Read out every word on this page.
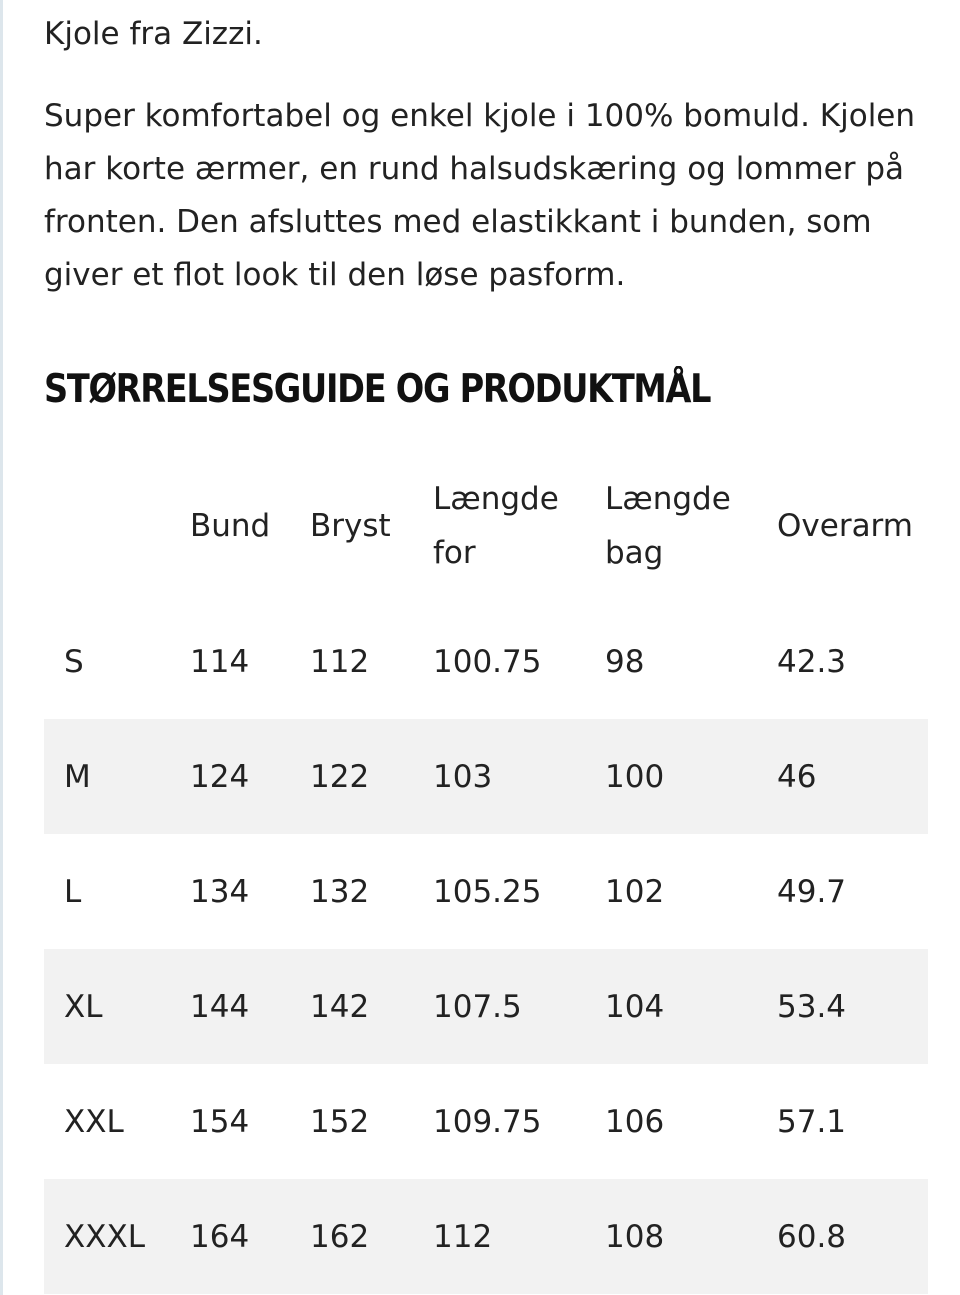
Kjole fra Zizzi.

Super komfortabel og enkel kjole i 100% bomuld. Kjolen har korte ærmer, en rund halsudskæring og lommer på fronten. Den afsluttes med elastikkant i bunden, som giver et flot look til den løse pasform.

STØRRELSESGUIDE OG PRODUKTMÅL
	Bund	Bryst	Længde for	Længde bag	Overarm
S	114	112	100.75	98	42.3
M	124	122	103	100	46
L	134	132	105.25	102	49.7
XL	144	142	107.5	104	53.4
XXL	154	152	109.75	106	57.1
XXXL	164	162	112	108	60.8
